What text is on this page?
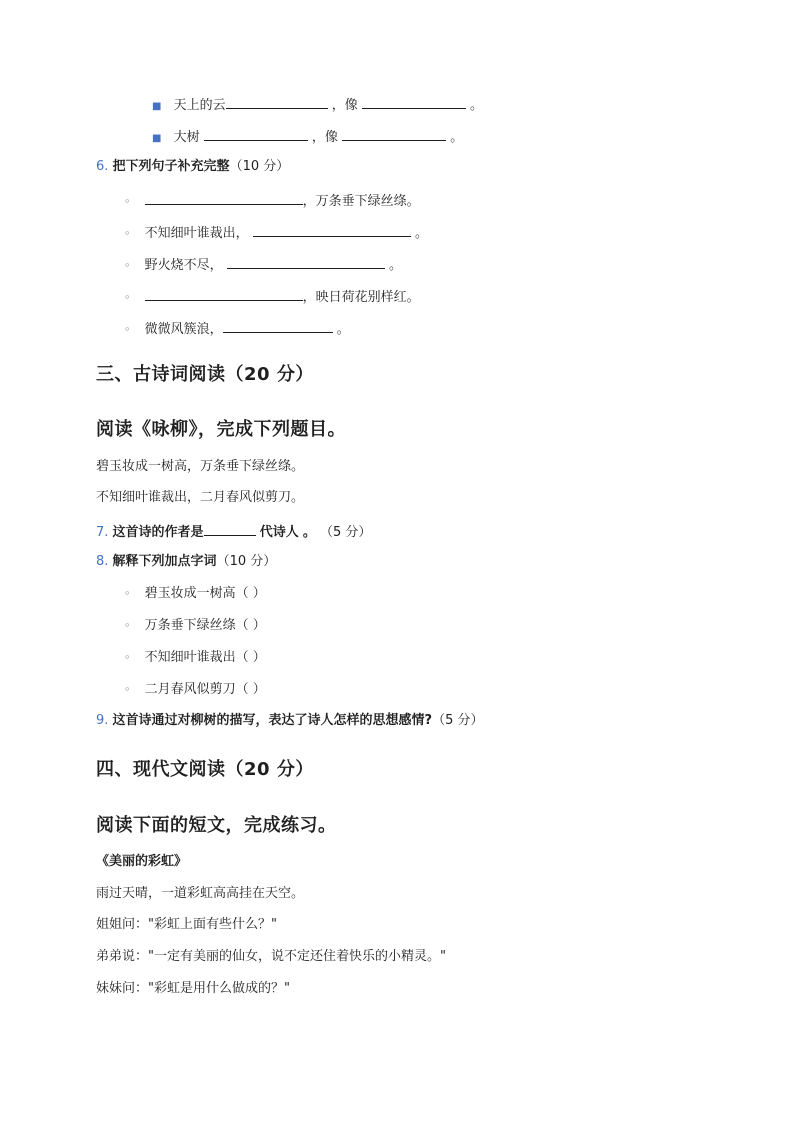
■ 天上的云	，像	。
■ 大树	，像	。
6. 把下列句子补充完整（10 分）
◦	，万条垂下绿丝绦。
◦ 不知细叶谁裁出，	。
◦ 野火烧不尽，	。
◦	，映日荷花别样红。
◦ 微微风簇浪，	。
三、古诗词阅读（20 分）
阅读《咏柳》，完成下列题目。
碧玉妆成一树高，万条垂下绿丝绦。
不知细叶谁裁出，二月春风似剪刀。
7. 这首诗的作者是	代诗人 。 （5 分）
8. 解释下列加点字词（10 分）
◦ 碧玉妆成一树高（ ）
◦ 万条垂下绿丝绦（ ）
◦ 不知细叶谁裁出（ ）
◦ 二月春风似剪刀（ ）
9. 这首诗通过对柳树的描写，表达了诗人怎样的思想感情?（5 分）
四、现代文阅读（20 分）
阅读下面的短文，完成练习。
《美丽的彩虹》
雨过天晴，一道彩虹高高挂在天空。
姐姐问："彩虹上面有些什么？"
弟弟说："一定有美丽的仙女，说不定还住着快乐的小精灵。"
妹妹问："彩虹是用什么做成的？"
